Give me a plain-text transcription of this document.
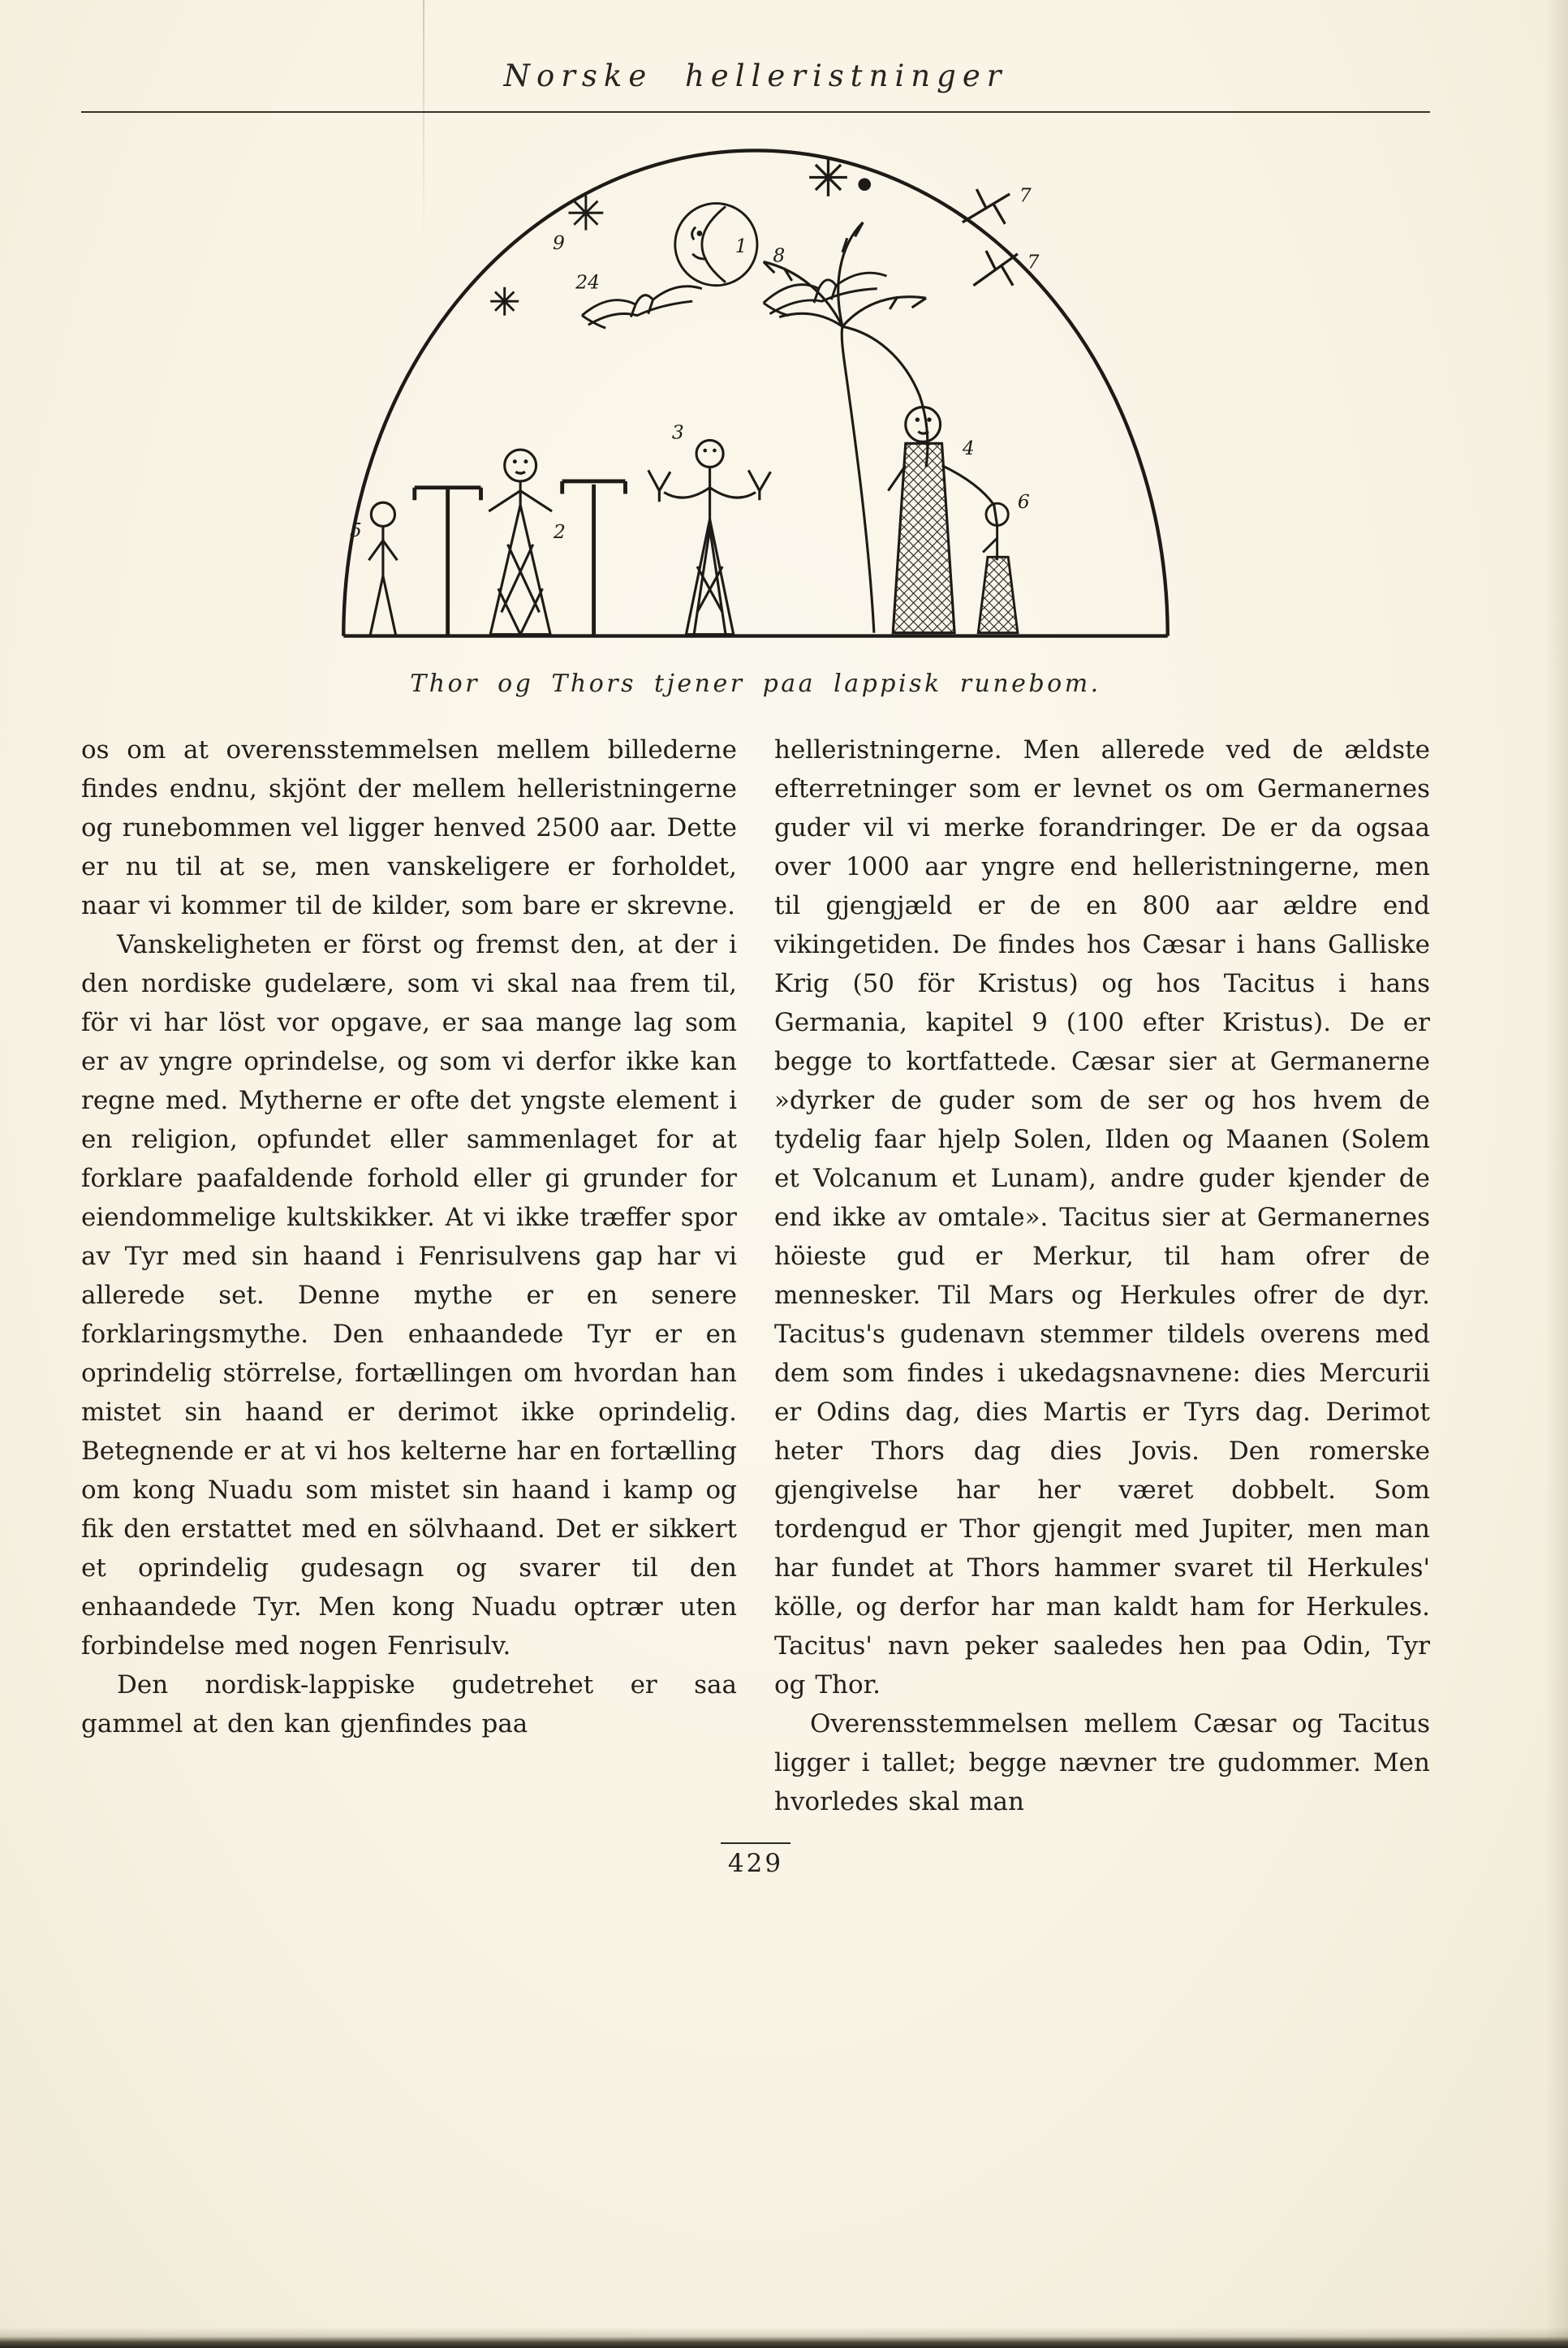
Norske helleristninger
1
9
24
8
7
7
5	2
3
4
6
Thor og Thors tjener paa lappisk runebom.

os om at overensstemmelsen mellem billederne findes endnu, skjönt der mellem helleristningerne og runebommen vel ligger henved 2500 aar. Dette er nu til at se, men vanskeligere er forholdet, naar vi kommer til de kilder, som bare er skrevne.

Vanskeligheten er först og fremst den, at der i den nordiske gudelære, som vi skal naa frem til, för vi har löst vor opgave, er saa mange lag som er av yngre oprindelse, og som vi derfor ikke kan regne med. Mytherne er ofte det yngste element i en religion, opfundet eller sammenlaget for at forklare paafaldende forhold eller gi grunder for eiendommelige kultskikker. At vi ikke træffer spor av Tyr med sin haand i Fenrisulvens gap har vi allerede set. Denne mythe er en senere forklaringsmythe. Den enhaandede Tyr er en oprindelig störrelse, fortællingen om hvordan han mistet sin haand er derimot ikke oprindelig. Betegnende er at vi hos kelterne har en fortælling om kong Nuadu som mistet sin haand i kamp og fik den erstattet med en sölvhaand. Det er sikkert et oprindelig gudesagn og svarer til den enhaandede Tyr. Men kong Nuadu optrær uten forbindelse med nogen Fenrisulv.

Den nordisk-lappiske gudetrehet er saa gammel at den kan gjenfindes paa

helleristningerne. Men allerede ved de ældste efterretninger som er levnet os om Germanernes guder vil vi merke forandringer. De er da ogsaa over 1000 aar yngre end helleristningerne, men til gjengjæld er de en 800 aar ældre end vikingetiden. De findes hos Cæsar i hans Galliske Krig (50 för Kristus) og hos Tacitus i hans Germania, kapitel 9 (100 efter Kristus). De er begge to kortfattede. Cæsar sier at Germanerne »dyrker de guder som de ser og hos hvem de tydelig faar hjelp Solen, Ilden og Maanen (Solem et Volcanum et Lunam), andre guder kjender de end ikke av omtale». Tacitus sier at Germanernes höieste gud er Merkur, til ham ofrer de mennesker. Til Mars og Herkules ofrer de dyr. Tacitus's gudenavn stemmer tildels overens med dem som findes i ukedagsnavnene: dies Mercurii er Odins dag, dies Martis er Tyrs dag. Derimot heter Thors dag dies Jovis. Den romerske gjengivelse har her været dobbelt. Som tordengud er Thor gjengit med Jupiter, men man har fundet at Thors hammer svaret til Herkules' kölle, og derfor har man kaldt ham for Herkules. Tacitus' navn peker saaledes hen paa Odin, Tyr og Thor.

Overensstemmelsen mellem Cæsar og Tacitus ligger i tallet; begge nævner tre gudommer. Men hvorledes skal man

429
